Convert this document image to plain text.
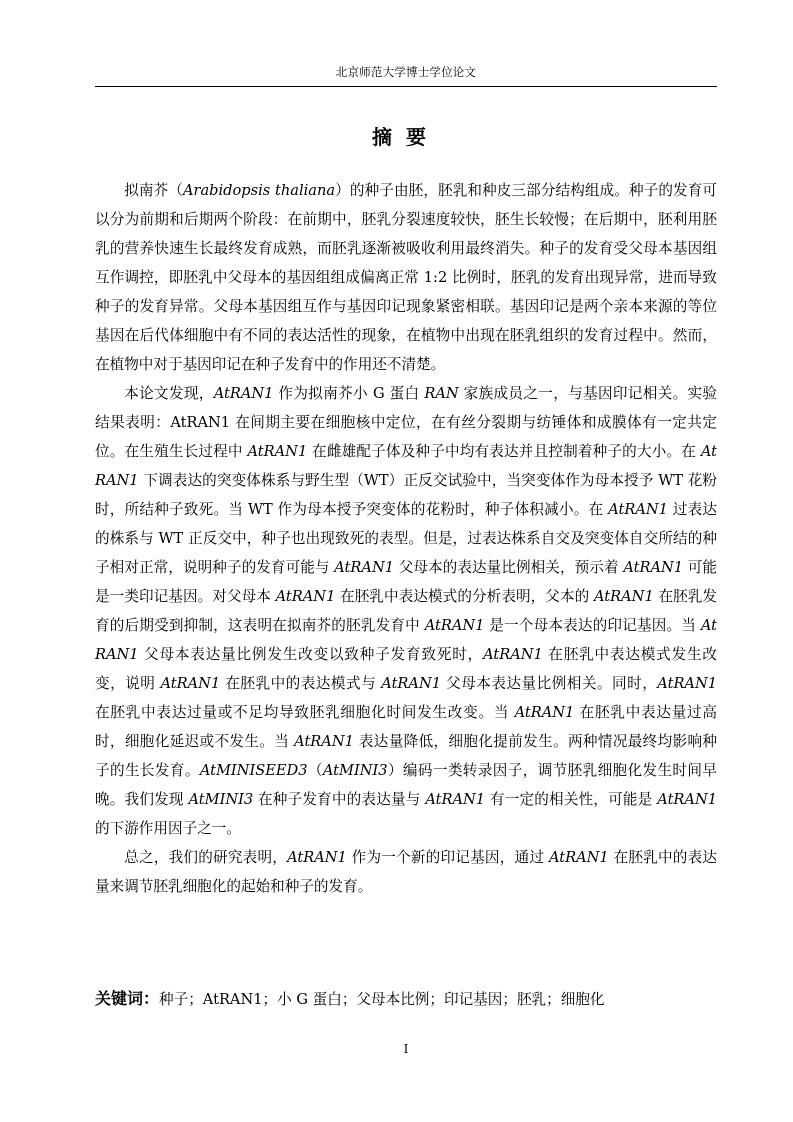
北京师范大学博士学位论文
摘要

拟南芥（Arabidopsis thaliana）的种子由胚，胚乳和种皮三部分结构组成。种子的发育可以分为前期和后期两个阶段：在前期中，胚乳分裂速度较快，胚生长较慢；在后期中，胚利用胚乳的营养快速生长最终发育成熟，而胚乳逐渐被吸收利用最终消失。种子的发育受父母本基因组互作调控，即胚乳中父母本的基因组组成偏离正常 1:2 比例时，胚乳的发育出现异常，进而导致种子的发育异常。父母本基因组互作与基因印记现象紧密相联。基因印记是两个亲本来源的等位基因在后代体细胞中有不同的表达活性的现象，在植物中出现在胚乳组织的发育过程中。然而，在植物中对于基因印记在种子发育中的作用还不清楚。

本论文发现，AtRAN1 作为拟南芥小 G 蛋白 RAN 家族成员之一，与基因印记相关。实验结果表明：AtRAN1 在间期主要在细胞核中定位，在有丝分裂期与纺锤体和成膜体有一定共定位。在生殖生长过程中 AtRAN1 在雌雄配子体及种子中均有表达并且控制着种子的大小。在 AtRAN1 下调表达的突变体株系与野生型（WT）正反交试验中，当突变体作为母本授予 WT 花粉时，所结种子致死。当 WT 作为母本授予突变体的花粉时，种子体积减小。在 AtRAN1 过表达的株系与 WT 正反交中，种子也出现致死的表型。但是，过表达株系自交及突变体自交所结的种子相对正常，说明种子的发育可能与 AtRAN1 父母本的表达量比例相关，预示着 AtRAN1 可能是一类印记基因。对父母本 AtRAN1 在胚乳中表达模式的分析表明，父本的 AtRAN1 在胚乳发育的后期受到抑制，这表明在拟南芥的胚乳发育中 AtRAN1 是一个母本表达的印记基因。当 AtRAN1 父母本表达量比例发生改变以致种子发育致死时，AtRAN1 在胚乳中表达模式发生改变，说明 AtRAN1 在胚乳中的表达模式与 AtRAN1 父母本表达量比例相关。同时，AtRAN1 在胚乳中表达过量或不足均导致胚乳细胞化时间发生改变。当 AtRAN1 在胚乳中表达量过高时，细胞化延迟或不发生。当 AtRAN1 表达量降低，细胞化提前发生。两种情况最终均影响种子的生长发育。AtMINISEED3（AtMINI3）编码一类转录因子，调节胚乳细胞化发生时间早晚。我们发现 AtMINI3 在种子发育中的表达量与 AtRAN1 有一定的相关性，可能是 AtRAN1 的下游作用因子之一。

总之，我们的研究表明，AtRAN1 作为一个新的印记基因，通过 AtRAN1 在胚乳中的表达量来调节胚乳细胞化的起始和种子的发育。

关键词：种子；AtRAN1；小 G 蛋白；父母本比例；印记基因；胚乳；细胞化
I
